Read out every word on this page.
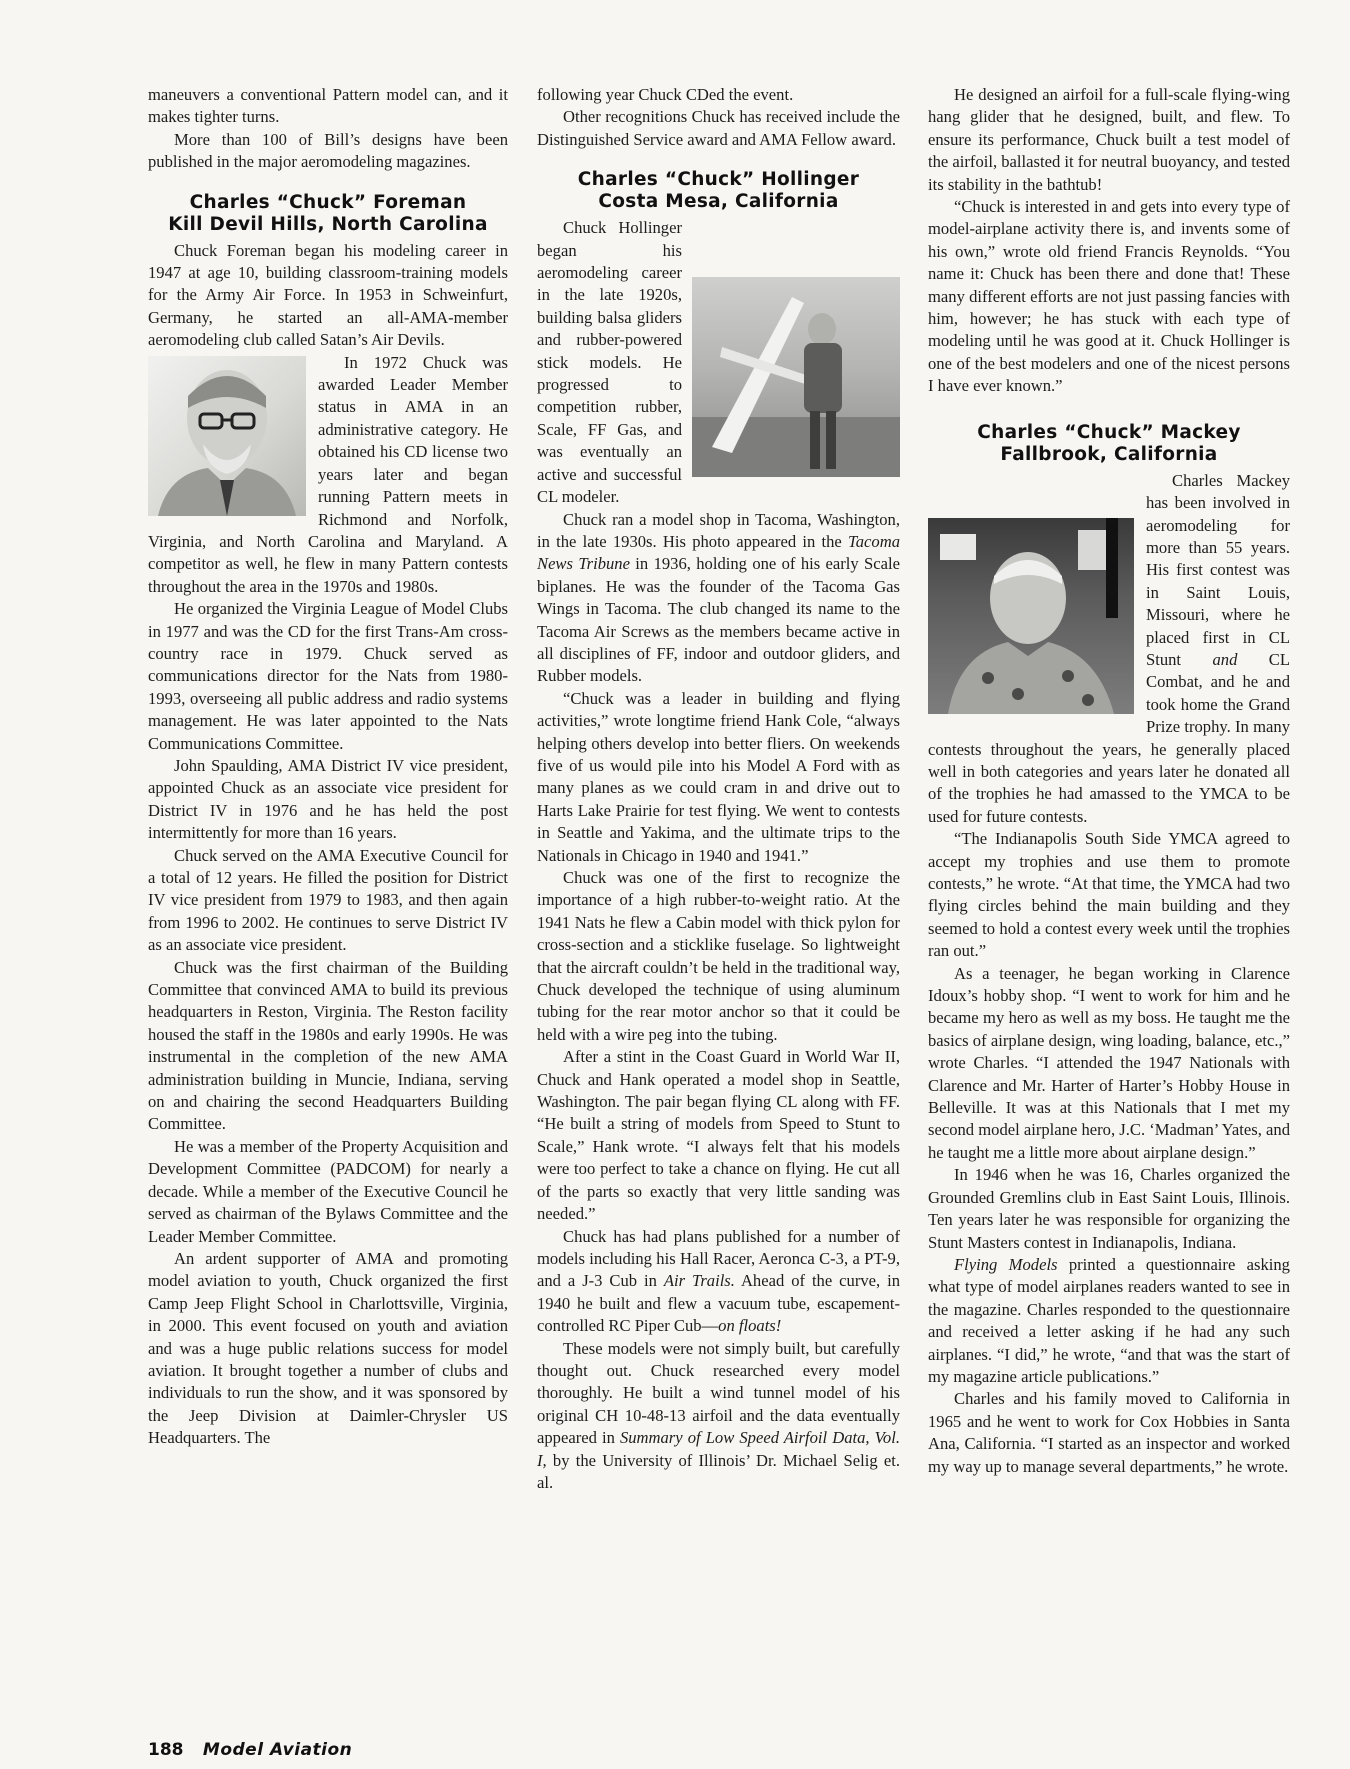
maneuvers a conventional Pattern model can, and it makes tighter turns.

More than 100 of Bill’s designs have been published in the major aeromodeling magazines.

Charles “Chuck” Foreman
Kill Devil Hills, North Carolina

Chuck Foreman began his modeling career in 1947 at age 10, building classroom-training models for the Army Air Force. In 1953 in Schweinfurt, Germany, he started an all-AMA-member aeromodeling club called Satan’s Air Devils.

In 1972 Chuck was awarded Leader Member status in AMA in an administrative category. He obtained his CD license two years later and began running Pattern meets in Richmond and Norfolk, Virginia, and North Carolina and Maryland. A competitor as well, he flew in many Pattern contests throughout the area in the 1970s and 1980s.

He organized the Virginia League of Model Clubs in 1977 and was the CD for the first Trans-Am cross-country race in 1979. Chuck served as communications director for the Nats from 1980-1993, overseeing all public address and radio systems management. He was later appointed to the Nats Communications Committee.

John Spaulding, AMA District IV vice president, appointed Chuck as an associate vice president for District IV in 1976 and he has held the post intermittently for more than 16 years.

Chuck served on the AMA Executive Council for a total of 12 years. He filled the position for District IV vice president from 1979 to 1983, and then again from 1996 to 2002. He continues to serve District IV as an associate vice president.

Chuck was the first chairman of the Building Committee that convinced AMA to build its previous headquarters in Reston, Virginia. The Reston facility housed the staff in the 1980s and early 1990s. He was instrumental in the completion of the new AMA administration building in Muncie, Indiana, serving on and chairing the second Headquarters Building Committee.

He was a member of the Property Acquisition and Development Committee (PADCOM) for nearly a decade. While a member of the Executive Council he served as chairman of the Bylaws Committee and the Leader Member Committee.

An ardent supporter of AMA and promoting model aviation to youth, Chuck organized the first Camp Jeep Flight School in Charlottsville, Virginia, in 2000. This event focused on youth and aviation and was a huge public relations success for model aviation. It brought together a number of clubs and individuals to run the show, and it was sponsored by the Jeep Division at Daimler-Chrysler US Headquarters. The

following year Chuck CDed the event.

Other recognitions Chuck has received include the Distinguished Service award and AMA Fellow award.

Charles “Chuck” Hollinger
Costa Mesa, California

Chuck Hollinger began his aeromodeling career in the late 1920s, building balsa gliders and rubber-powered stick models. He progressed to competition rubber, Scale, FF Gas, and was eventually an active and successful CL modeler.

Chuck ran a model shop in Tacoma, Washington, in the late 1930s. His photo appeared in the Tacoma News Tribune in 1936, holding one of his early Scale biplanes. He was the founder of the Tacoma Gas Wings in Tacoma. The club changed its name to the Tacoma Air Screws as the members became active in all disciplines of FF, indoor and outdoor gliders, and Rubber models.

“Chuck was a leader in building and flying activities,” wrote longtime friend Hank Cole, “always helping others develop into better fliers. On weekends five of us would pile into his Model A Ford with as many planes as we could cram in and drive out to Harts Lake Prairie for test flying. We went to contests in Seattle and Yakima, and the ultimate trips to the Nationals in Chicago in 1940 and 1941.”

Chuck was one of the first to recognize the importance of a high rubber-to-weight ratio. At the 1941 Nats he flew a Cabin model with thick pylon for cross-section and a sticklike fuselage. So lightweight that the aircraft couldn’t be held in the traditional way, Chuck developed the technique of using aluminum tubing for the rear motor anchor so that it could be held with a wire peg into the tubing.

After a stint in the Coast Guard in World War II, Chuck and Hank operated a model shop in Seattle, Washington. The pair began flying CL along with FF. “He built a string of models from Speed to Stunt to Scale,” Hank wrote. “I always felt that his models were too perfect to take a chance on flying. He cut all of the parts so exactly that very little sanding was needed.”

Chuck has had plans published for a number of models including his Hall Racer, Aeronca C-3, a PT-9, and a J-3 Cub in Air Trails. Ahead of the curve, in 1940 he built and flew a vacuum tube, escapement-controlled RC Piper Cub—on floats!

These models were not simply built, but carefully thought out. Chuck researched every model thoroughly. He built a wind tunnel model of his original CH 10-48-13 airfoil and the data eventually appeared in Summary of Low Speed Airfoil Data, Vol. I, by the University of Illinois’ Dr. Michael Selig et. al.

He designed an airfoil for a full-scale flying-wing hang glider that he designed, built, and flew. To ensure its performance, Chuck built a test model of the airfoil, ballasted it for neutral buoyancy, and tested its stability in the bathtub!

“Chuck is interested in and gets into every type of model-airplane activity there is, and invents some of his own,” wrote old friend Francis Reynolds. “You name it: Chuck has been there and done that! These many different efforts are not just passing fancies with him, however; he has stuck with each type of modeling until he was good at it. Chuck Hollinger is one of the best modelers and one of the nicest persons I have ever known.”

Charles “Chuck” Mackey
Fallbrook, California

Charles Mackey has been involved in aeromodeling for more than 55 years. His first contest was in Saint Louis, Missouri, where he placed first in CL Stunt and CL Combat, and he and took home the Grand Prize trophy. In many contests throughout the years, he generally placed well in both categories and years later he donated all of the trophies he had amassed to the YMCA to be used for future contests.

“The Indianapolis South Side YMCA agreed to accept my trophies and use them to promote contests,” he wrote. “At that time, the YMCA had two flying circles behind the main building and they seemed to hold a contest every week until the trophies ran out.”

As a teenager, he began working in Clarence Idoux’s hobby shop. “I went to work for him and he became my hero as well as my boss. He taught me the basics of airplane design, wing loading, balance, etc.,” wrote Charles. “I attended the 1947 Nationals with Clarence and Mr. Harter of Harter’s Hobby House in Belleville. It was at this Nationals that I met my second model airplane hero, J.C. ‘Madman’ Yates, and he taught me a little more about airplane design.”

In 1946 when he was 16, Charles organized the Grounded Gremlins club in East Saint Louis, Illinois. Ten years later he was responsible for organizing the Stunt Masters contest in Indianapolis, Indiana.

Flying Models printed a questionnaire asking what type of model airplanes readers wanted to see in the magazine. Charles responded to the questionnaire and received a letter asking if he had any such airplanes. “I did,” he wrote, “and that was the start of my magazine article publications.”

Charles and his family moved to California in 1965 and he went to work for Cox Hobbies in Santa Ana, California. “I started as an inspector and worked my way up to manage several departments,” he wrote.

188 Model Aviation
